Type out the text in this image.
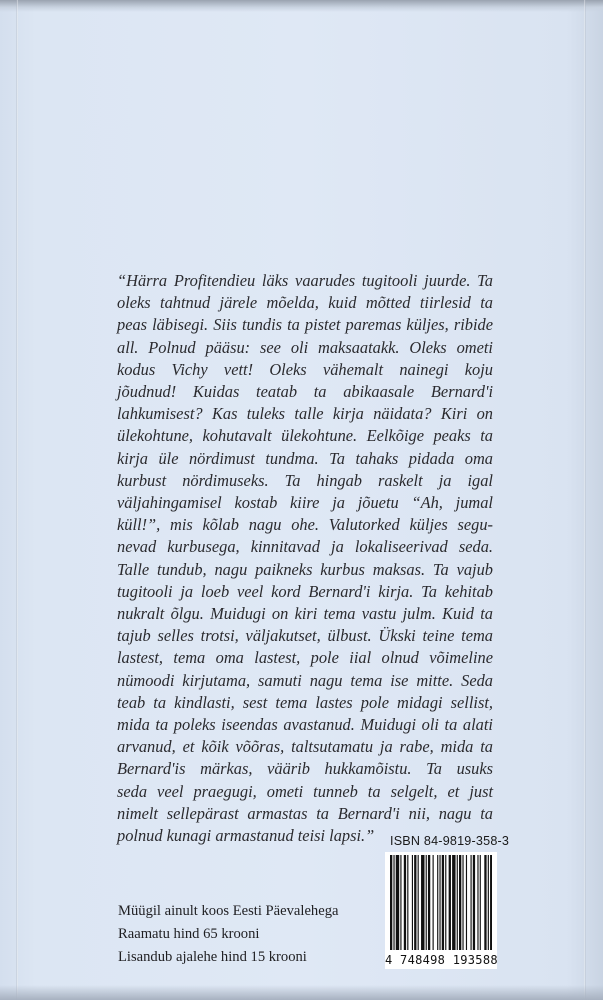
“Härra Profitendieu läks vaarudes tugitooli juurde. Ta
oleks tahtnud järele mõelda, kuid mõtted tiirlesid ta
peas läbisegi. Siis tundis ta pistet paremas küljes, ribide
all. Polnud pääsu: see oli maksaatakk. Oleks ometi
kodus Vichy vett! Oleks vähemalt nainegi koju
jõudnud! Kuidas teatab ta abikaasale Bernard'i
lahkumisest? Kas tuleks talle kirja näidata? Kiri on
ülekohtune, kohutavalt ülekohtune. Eelkõige peaks ta
kirja üle nördimust tundma. Ta tahaks pidada oma
kurbust nördimuseks. Ta hingab raskelt ja igal
väljahingamisel kostab kiire ja jõuetu “Ah, jumal
küll!”, mis kõlab nagu ohe. Valutorked küljes segu-
nevad kurbusega, kinnitavad ja lokaliseerivad seda.
Talle tundub, nagu paikneks kurbus maksas. Ta vajub
tugitooli ja loeb veel kord Bernard'i kirja. Ta kehitab
nukralt õlgu. Muidugi on kiri tema vastu julm. Kuid ta
tajub selles trotsi, väljakutset, ülbust. Ükski teine tema
lastest, tema oma lastest, pole iial olnud võimeline
nümoodi kirjutama, samuti nagu tema ise mitte. Seda
teab ta kindlasti, sest tema lastes pole midagi sellist,
mida ta poleks iseendas avastanud. Muidugi oli ta alati
arvanud, et kõik võõras, taltsutamatu ja rabe, mida ta
Bernard'is märkas, väärib hukkamõistu. Ta usuks
seda veel praegugi, ometi tunneb ta selgelt, et just
nimelt sellepärast armastas ta Bernard'i nii, nagu ta
polnud kunagi armastanud teisi lapsi.”	ISBN 84-9819-358-3
4 748498 193588
Müügil ainult koos Eesti Päevalehega
Raamatu hind 65 krooni
Lisandub ajalehe hind 15 krooni
